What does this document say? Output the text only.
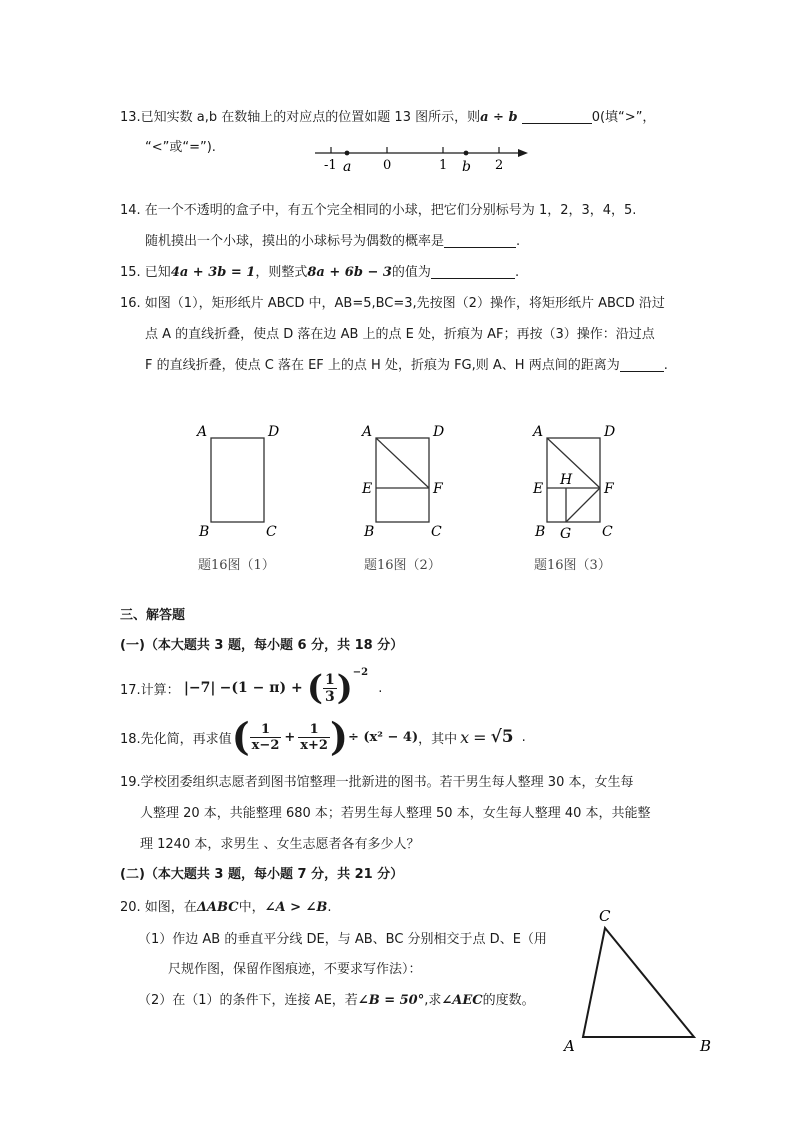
13.已知实数 a,b 在数轴上的对应点的位置如题 13 图所示，则a ÷ b	0(填“>”，
“<”或“=”).
-1 a 0	1 b 2
14. 在一个不透明的盒子中，有五个完全相同的小球，把它们分别标号为 1，2，3，4，5.
随机摸出一个小球，摸出的小球标号为偶数的概率是	.
15. 已知4a + 3b = 1，则整式8a + 6b − 3的值为	.
16. 如图（1），矩形纸片 ABCD 中，AB=5,BC=3,先按图（2）操作，将矩形纸片 ABCD 沿过
点 A 的直线折叠，使点 D 落在边 AB 上的点 E 处，折痕为 AF；再按（3）操作：沿过点
F 的直线折叠，使点 C 落在 EF 上的点 H 处，折痕为 FG,则 A、H 两点间的距离为	.
A	D
B	C
题16图（1）
A	D
E	F
B	C
题16图（2）
A	D
E
H
F
B G C
题16图（3）
三、解答题
(一)（本大题共 3 题，每小题 6 分，共 18 分）
17.计算： |−7| −(1 − π) + ( $\frac{1}{3} )-2$ .
18.先化简，再求值( $\frac{1}{x-2} + \frac{1}{x+2}$ )÷ (x² − 4)，其中 x = √5 .
19.学校团委组织志愿者到图书馆整理一批新进的图书。若干男生每人整理 30 本，女生每
人整理 20 本，共能整理 680 本；若男生每人整理 50 本，女生每人整理 40 本，共能整
理 1240 本，求男生 、女生志愿者各有多少人？
(二)（本大题共 3 题，每小题 7 分，共 21 分）
20. 如图，在ΔABC中，∠A > ∠B.
（1）作边 AB 的垂直平分线 DE，与 AB、BC 分别相交于点 D、E（用
尺规作图，保留作图痕迹，不要求写作法）：
（2）在（1）的条件下，连接 AE，若∠B = 50°,求∠AEC的度数。
C
A	B
